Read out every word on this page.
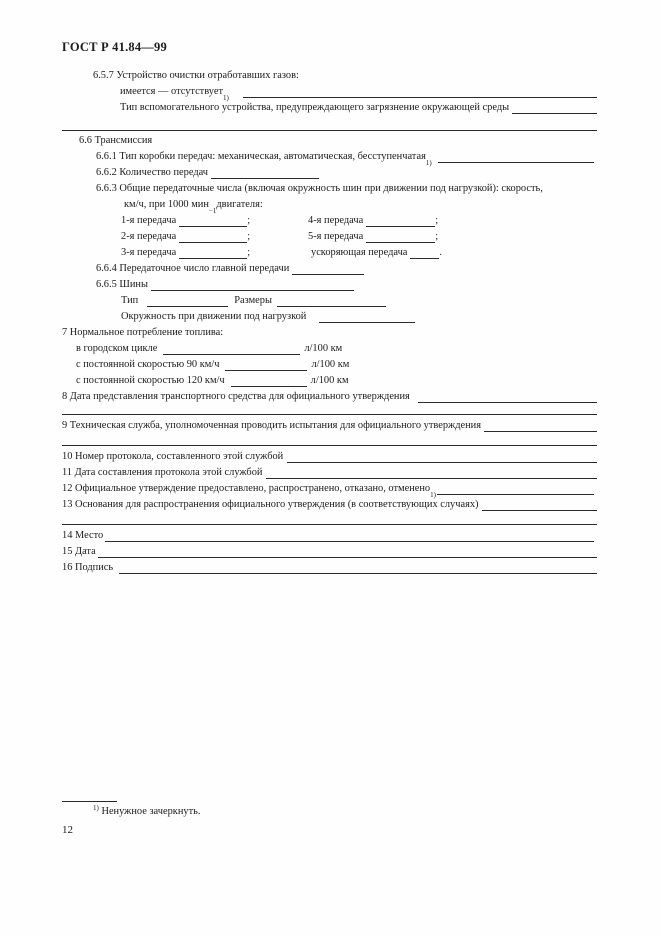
ГОСТ Р 41.84—99
6.5.7 Устройство очистки отработавших газов:
имеется — отсутствует
1)
Тип вспомогательного устройства, предупреждающего загрязнение окружающей среды
6.6 Трансмиссия
6.6.1 Тип коробки передач: механическая, автоматическая, бесступенчатая
1)
6.6.2 Количество передач
6.6.3 Общие передаточные числа (включая окружность шин при движении под нагрузкой): скорость,
км/ч, при 1000 мин
−1
двигателя:
1-я передача	;	4-я передача	;
2-я передача	;	5-я передача	;
3-я передача	;	ускоряющая передача	.
6.6.4 Передаточное число главной передачи
6.6.5 Шины
Тип	Размеры
Окружность при движении под нагрузкой
7 Нормальное потребление топлива:
в городском цикле	л/100 км
с постоянной скоростью 90 км/ч	л/100 км
с постоянной скоростью 120 км/ч	л/100 км
8 Дата представления транспортного средства для официального утверждения
9 Техническая служба, уполномоченная проводить испытания для официального утверждения
10 Номер протокола, составленного этой службой
11 Дата составления протокола этой службой
12 Официальное утверждение предоставлено, распространено, отказано, отменено
1)
13 Основания для распространения официального утверждения (в соответствующих случаях)
14 Место
15 Дата
16 Подпись
$^{1)}$ Ненужное зачеркнуть.
12
